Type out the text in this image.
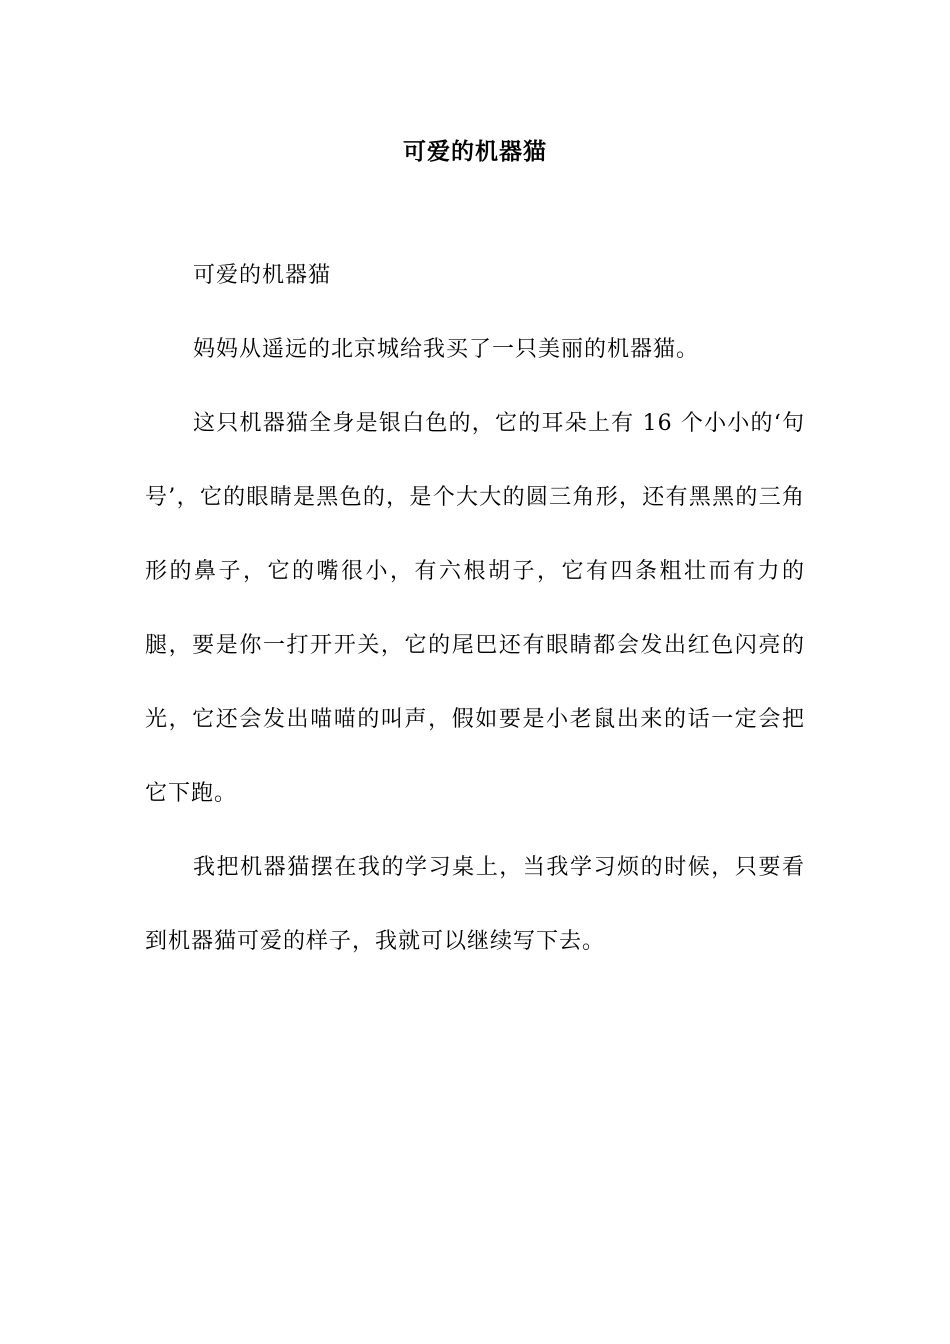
可爱的机器猫

可爱的机器猫

妈妈从遥远的北京城给我买了一只美丽的机器猫。

这只机器猫全身是银白色的，它的耳朵上有 16 个小小的‘句号’，它的眼睛是黑色的，是个大大的圆三角形，还有黑黑的三角形的鼻子，它的嘴很小，有六根胡子，它有四条粗壮而有力的腿，要是你一打开开关，它的尾巴还有眼睛都会发出红色闪亮的光，它还会发出喵喵的叫声，假如要是小老鼠出来的话一定会把它下跑。

我把机器猫摆在我的学习桌上，当我学习烦的时候，只要看到机器猫可爱的样子，我就可以继续写下去。
